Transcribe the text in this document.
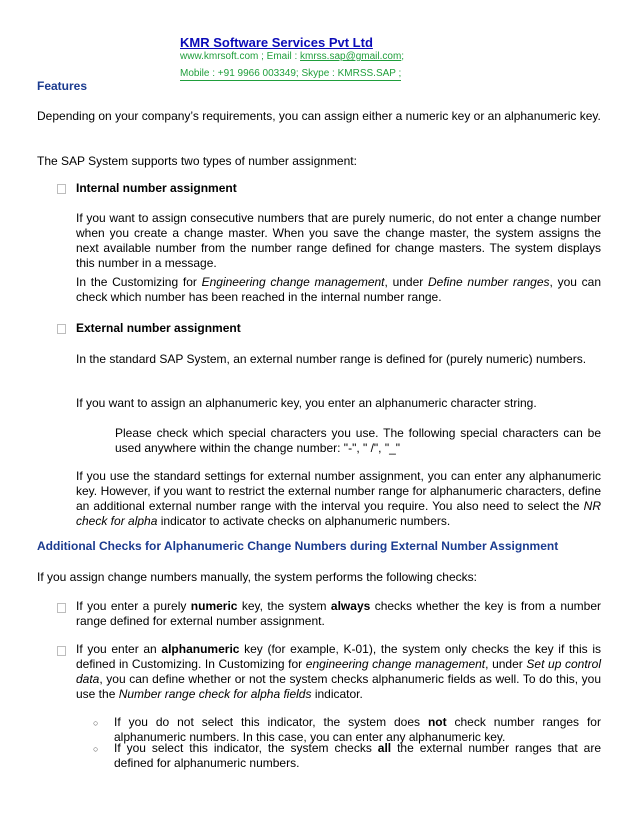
KMR Software Services Pvt Ltd
www.kmrsoft.com ; Email : kmrss.sap@gmail.com;
Mobile : +91 9966 003349; Skype : KMRSS.SAP ;
Features
Depending on your company’s requirements, you can assign either a numeric key or an alphanumeric key.
The SAP System supports two types of number assignment:
Internal number assignment
If you want to assign consecutive numbers that are purely numeric, do not enter a change number when you create a change master. When you save the change master, the system assigns the next available number from the number range defined for change masters. The system displays this number in a message.
In the Customizing for Engineering change management, under Define number ranges, you can check which number has been reached in the internal number range.
External number assignment
In the standard SAP System, an external number range is defined for (purely numeric) numbers.
If you want to assign an alphanumeric key, you enter an alphanumeric character string.
Please check which special characters you use. The following special characters can be used anywhere within the change number: "-", " /", "_"
If you use the standard settings for external number assignment, you can enter any alphanumeric key. However, if you want to restrict the external number range for alphanumeric characters, define an additional external number range with the interval you require. You also need to select the NR check for alpha indicator to activate checks on alphanumeric numbers.
Additional Checks for Alphanumeric Change Numbers during External Number Assignment
If you assign change numbers manually, the system performs the following checks:
If you enter a purely numeric key, the system always checks whether the key is from a number range defined for external number assignment.
If you enter an alphanumeric key (for example, K-01), the system only checks the key if this is defined in Customizing. In Customizing for engineering change management, under Set up control data, you can define whether or not the system checks alphanumeric fields as well. To do this, you use the Number range check for alpha fields indicator.
○ If you do not select this indicator, the system does not check number ranges for alphanumeric numbers. In this case, you can enter any alphanumeric key.
○ If you select this indicator, the system checks all the external number ranges that are defined for alphanumeric numbers.
